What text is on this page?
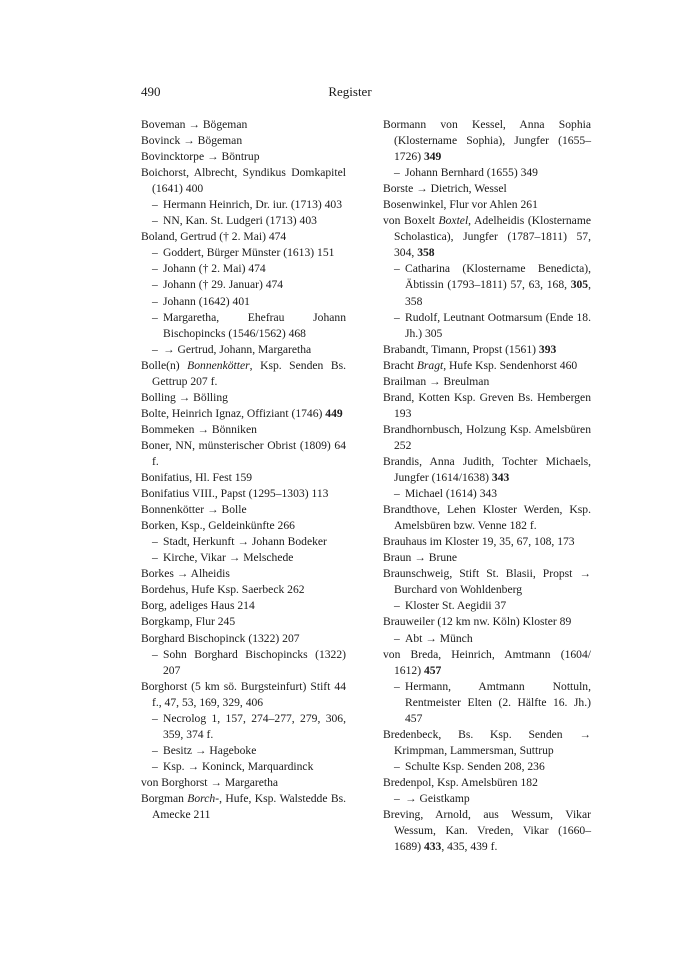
490	Register
Boveman → Bögeman
Bovinck → Bögeman
Bovincktorpe → Böntrup
Boichorst, Albrecht, Syndikus Domkapitel (1641) 400
– Hermann Heinrich, Dr. iur. (1713) 403
– NN, Kan. St. Ludgeri (1713) 403
Boland, Gertrud († 2. Mai) 474
– Goddert, Bürger Münster (1613) 151
– Johann († 2. Mai) 474
– Johann († 29. Januar) 474
– Johann (1642) 401
– Margaretha, Ehefrau Johann Bischopincks (1546/1562) 468
– → Gertrud, Johann, Margaretha
Bolle(n) Bonnenkötter, Ksp. Senden Bs. Gettrup 207 f.
Bolling → Bölling
Bolte, Heinrich Ignaz, Offiziant (1746) 449
Bommeken → Bönniken
Boner, NN, münsterischer Obrist (1809) 64 f.
Bonifatius, Hl. Fest 159
Bonifatius VIII., Papst (1295–1303) 113
Bonnenkötter → Bolle
Borken, Ksp., Geldeinkünfte 266
– Stadt, Herkunft → Johann Bodeker
– Kirche, Vikar → Melschede
Borkes → Alheidis
Bordehus, Hufe Ksp. Saerbeck 262
Borg, adeliges Haus 214
Borgkamp, Flur 245
Borghard Bischopinck (1322) 207
– Sohn Borghard Bischopincks (1322) 207
Borghorst (5 km sö. Burgsteinfurt) Stift 44 f., 47, 53, 169, 329, 406
– Necrolog 1, 157, 274–277, 279, 306, 359, 374 f.
– Besitz → Hageboke
– Ksp. → Koninck, Marquardinck
von Borghorst → Margaretha
Borgman Borch-, Hufe, Ksp. Walstedde Bs. Amecke 211
Bormann von Kessel, Anna Sophia (Klostername Sophia), Jungfer (1655–1726) 349
– Johann Bernhard (1655) 349
Borste → Dietrich, Wessel
Bosenwinkel, Flur vor Ahlen 261
von Boxelt Boxtel, Adelheidis (Klostername Scholastica), Jungfer (1787–1811) 57, 304, 358
– Catharina (Klostername Benedicta), Äbtissin (1793–1811) 57, 63, 168, 305, 358
– Rudolf, Leutnant Ootmarsum (Ende 18. Jh.) 305
Brabandt, Timann, Propst (1561) 393
Bracht Bragt, Hufe Ksp. Sendenhorst 460
Brailman → Breulman
Brand, Kotten Ksp. Greven Bs. Hembergen 193
Brandhornbusch, Holzung Ksp. Amelsbüren 252
Brandis, Anna Judith, Tochter Michaels, Jungfer (1614/1638) 343
– Michael (1614) 343
Brandthove, Lehen Kloster Werden, Ksp. Amelsbüren bzw. Venne 182 f.
Brauhaus im Kloster 19, 35, 67, 108, 173
Braun → Brune
Braunschweig, Stift St. Blasii, Propst → Burchard von Wohldenberg
– Kloster St. Aegidii 37
Brauweiler (12 km nw. Köln) Kloster 89
– Abt → Münch
von Breda, Heinrich, Amtmann (1604/ 1612) 457
– Hermann, Amtmann Nottuln, Rentmeister Elten (2. Hälfte 16. Jh.) 457
Bredenbeck, Bs. Ksp. Senden → Krimpman, Lammersman, Suttrup
– Schulte Ksp. Senden 208, 236
Bredenpol, Ksp. Amelsbüren 182
– → Geistkamp
Breving, Arnold, aus Wessum, Vikar Wessum, Kan. Vreden, Vikar (1660–1689) 433, 435, 439 f.
